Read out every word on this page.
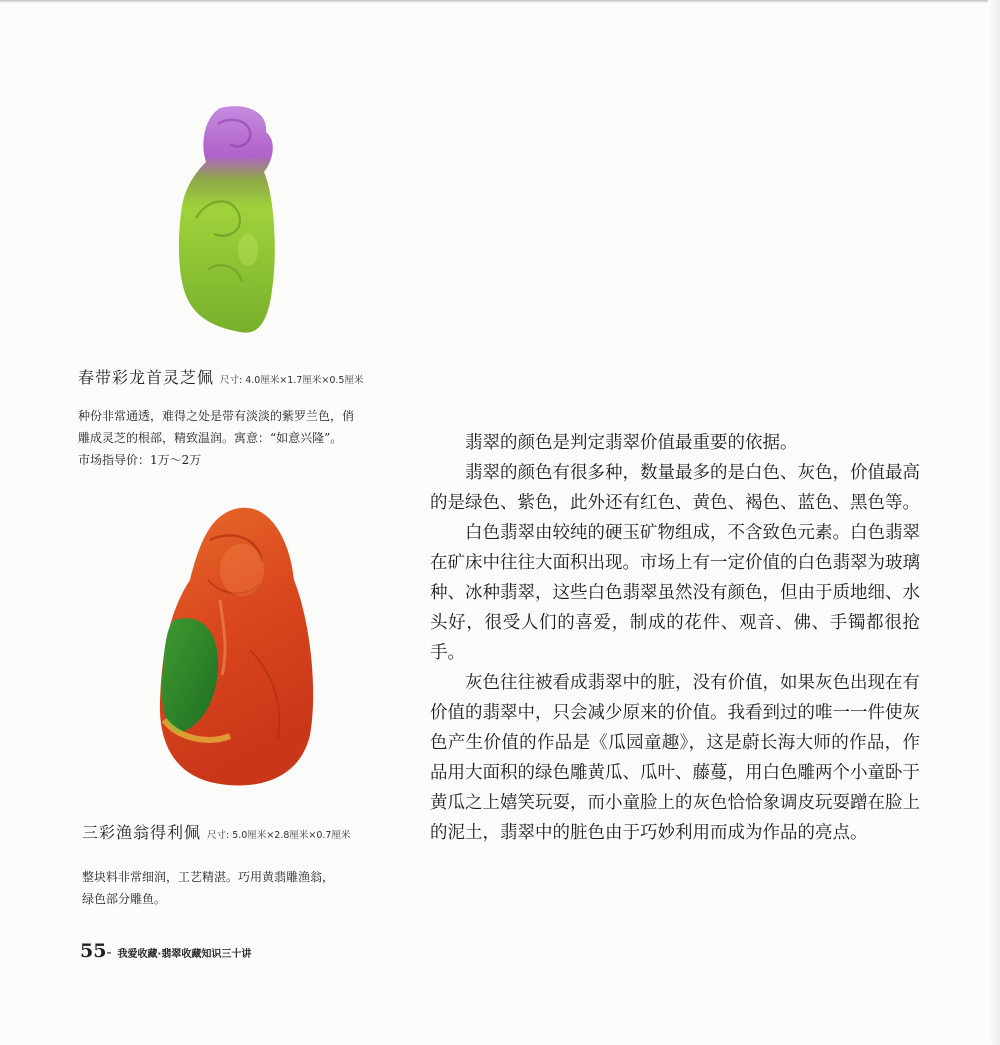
春带彩龙首灵芝佩 尺寸: 4.0厘米×1.7厘米×0.5厘米

种份非常通透，难得之处是带有淡淡的紫罗兰色，俏

雕成灵芝的根部，精致温润。寓意：“如意兴隆”。

市场指导价：1万～2万

三彩渔翁得利佩 尺寸: 5.0厘米×2.8厘米×0.7厘米

整块料非常细润，工艺精湛。巧用黄翡雕渔翁，

绿色部分雕鱼。

翡翠的颜色是判定翡翠价值最重要的依据。

翡翠的颜色有很多种，数量最多的是白色、灰色，价值最高的是绿色、紫色，此外还有红色、黄色、褐色、蓝色、黑色等。

白色翡翠由较纯的硬玉矿物组成，不含致色元素。白色翡翠在矿床中往往大面积出现。市场上有一定价值的白色翡翠为玻璃种、冰种翡翠，这些白色翡翠虽然没有颜色，但由于质地细、水头好，很受人们的喜爱，制成的花件、观音、佛、手镯都很抢手。

灰色往往被看成翡翠中的脏，没有价值，如果灰色出现在有价值的翡翠中，只会减少原来的价值。我看到过的唯一一件使灰色产生价值的作品是《瓜园童趣》，这是蔚长海大师的作品，作品用大面积的绿色雕黄瓜、瓜叶、藤蔓，用白色雕两个小童卧于黄瓜之上嬉笑玩耍，而小童脸上的灰色恰恰象调皮玩耍蹭在脸上的泥土，翡翠中的脏色由于巧妙利用而成为作品的亮点。

55- 我爱收藏·翡翠收藏知识三十讲
